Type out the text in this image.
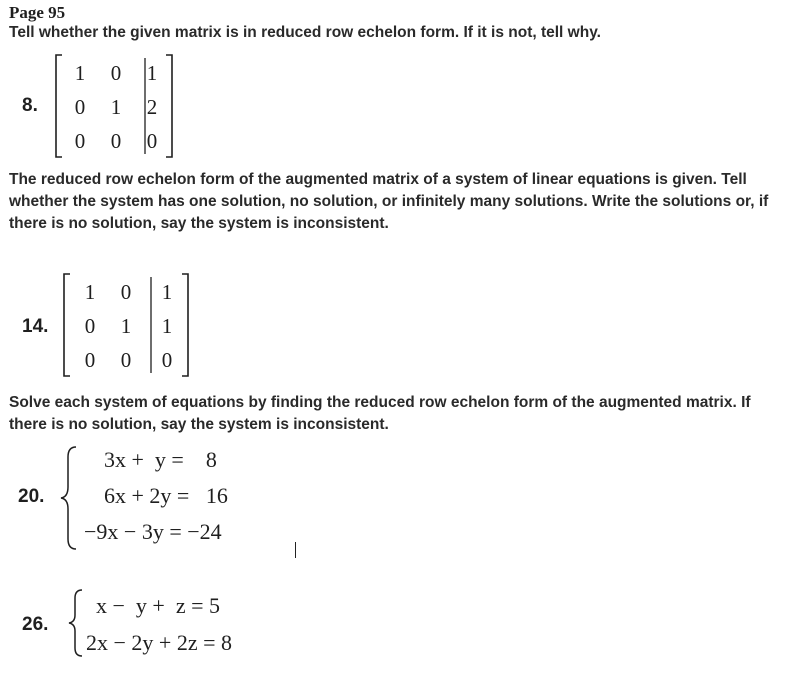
Page 95
Tell whether the given matrix is in reduced row echelon form. If it is not, tell why.
8.
1	0	1
0	1	2
0	0	0
The reduced row echelon form of the augmented matrix of a system of linear equations is given. Tell whether the system has one solution, no solution, or infinitely many solutions. Write the solutions or, if there is no solution, say the system is inconsistent.
14.
1	0	1
0	1	1
0	0	0
Solve each system of equations by finding the reduced row echelon form of the augmented matrix. If there is no solution, say the system is inconsistent.
20.
3x +  y =    8
6x + 2y =   16
−9x − 3y = −24
26.
x −  y +  z = 5
2x − 2y + 2z = 8
